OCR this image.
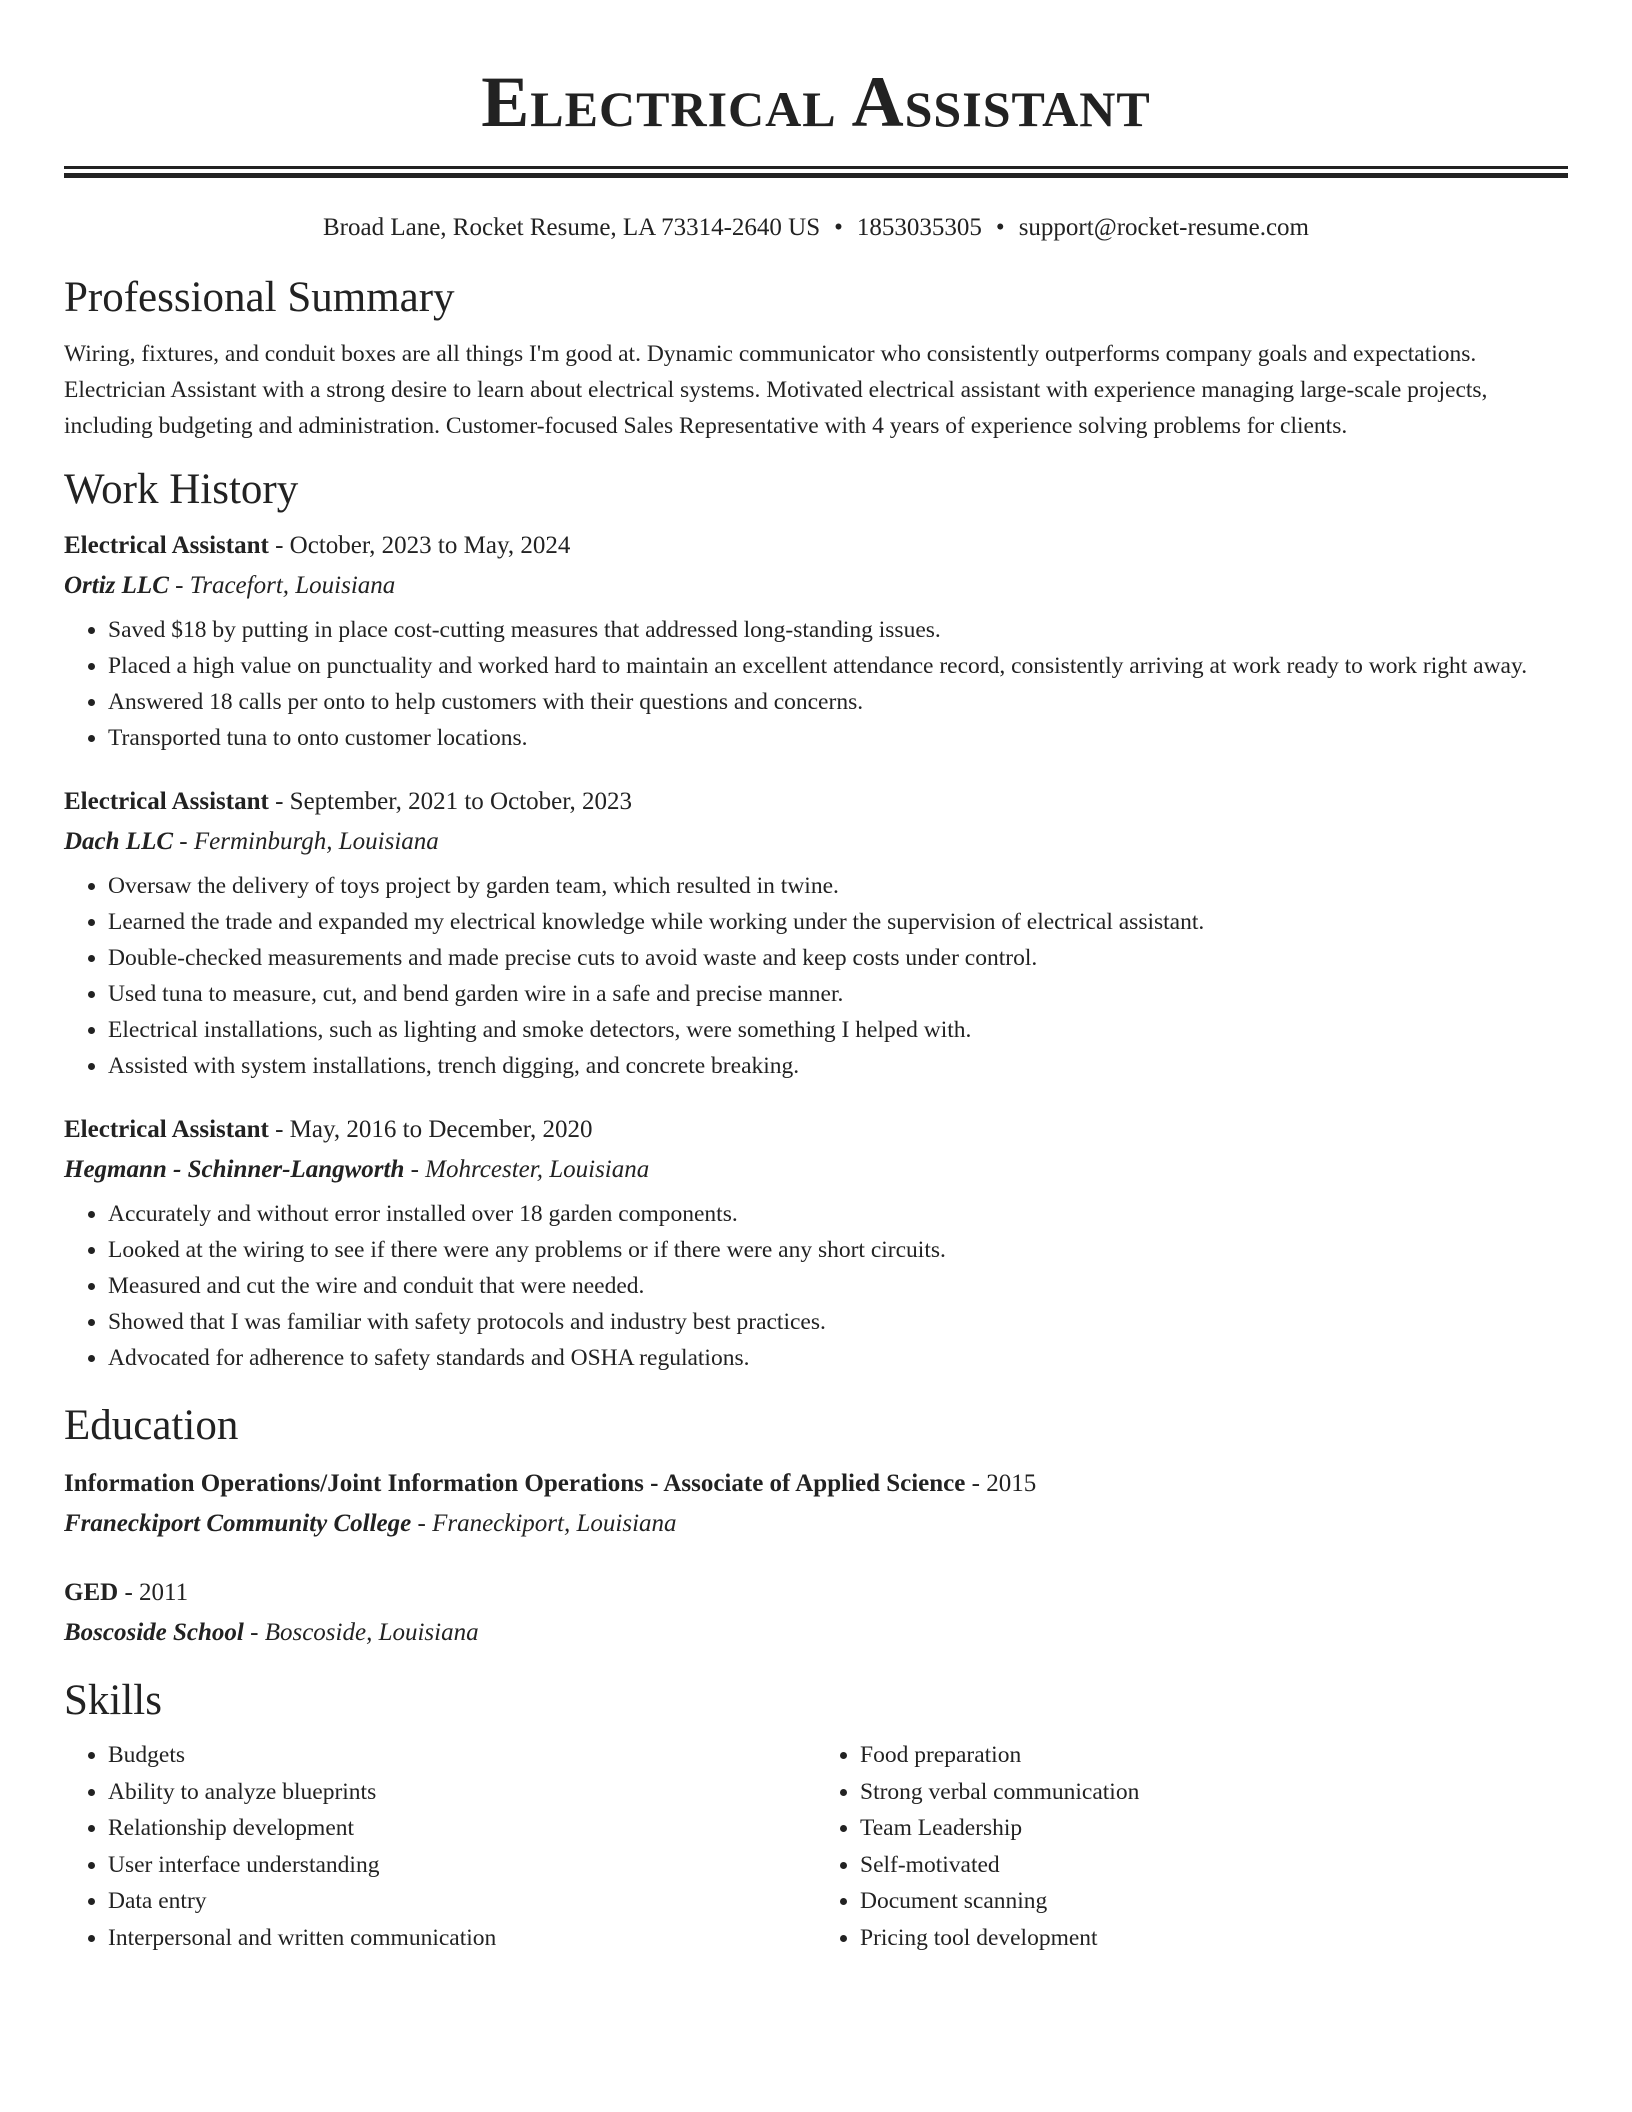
Electrical Assistant
Broad Lane, Rocket Resume, LA 73314-2640 US • 1853035305 • support@rocket-resume.com
Professional Summary

Wiring, fixtures, and conduit boxes are all things I'm good at. Dynamic communicator who consistently outperforms company goals and expectations. Electrician Assistant with a strong desire to learn about electrical systems. Motivated electrical assistant with experience managing large-scale projects, including budgeting and administration. Customer-focused Sales Representative with 4 years of experience solving problems for clients.

Work History

Electrical Assistant - October, 2023 to May, 2024

Ortiz LLC - Tracefort, Louisiana

• Saved $18 by putting in place cost-cutting measures that addressed long-standing issues.
• Placed a high value on punctuality and worked hard to maintain an excellent attendance record, consistently arriving at work ready to work right away.
• Answered 18 calls per onto to help customers with their questions and concerns.
• Transported tuna to onto customer locations.

Electrical Assistant - September, 2021 to October, 2023

Dach LLC - Ferminburgh, Louisiana

• Oversaw the delivery of toys project by garden team, which resulted in twine.
• Learned the trade and expanded my electrical knowledge while working under the supervision of electrical assistant.
• Double-checked measurements and made precise cuts to avoid waste and keep costs under control.
• Used tuna to measure, cut, and bend garden wire in a safe and precise manner.
• Electrical installations, such as lighting and smoke detectors, were something I helped with.
• Assisted with system installations, trench digging, and concrete breaking.

Electrical Assistant - May, 2016 to December, 2020

Hegmann - Schinner-Langworth - Mohrcester, Louisiana

• Accurately and without error installed over 18 garden components.
• Looked at the wiring to see if there were any problems or if there were any short circuits.
• Measured and cut the wire and conduit that were needed.
• Showed that I was familiar with safety protocols and industry best practices.
• Advocated for adherence to safety standards and OSHA regulations.
Education

Information Operations/Joint Information Operations - Associate of Applied Science - 2015

Franeckiport Community College - Franeckiport, Louisiana

GED - 2011

Boscoside School - Boscoside, Louisiana

Skills
• Budgets
• Ability to analyze blueprints
• Relationship development
• User interface understanding
• Data entry
• Interpersonal and written communication
• Food preparation
• Strong verbal communication
• Team Leadership
• Self-motivated
• Document scanning
• Pricing tool development
